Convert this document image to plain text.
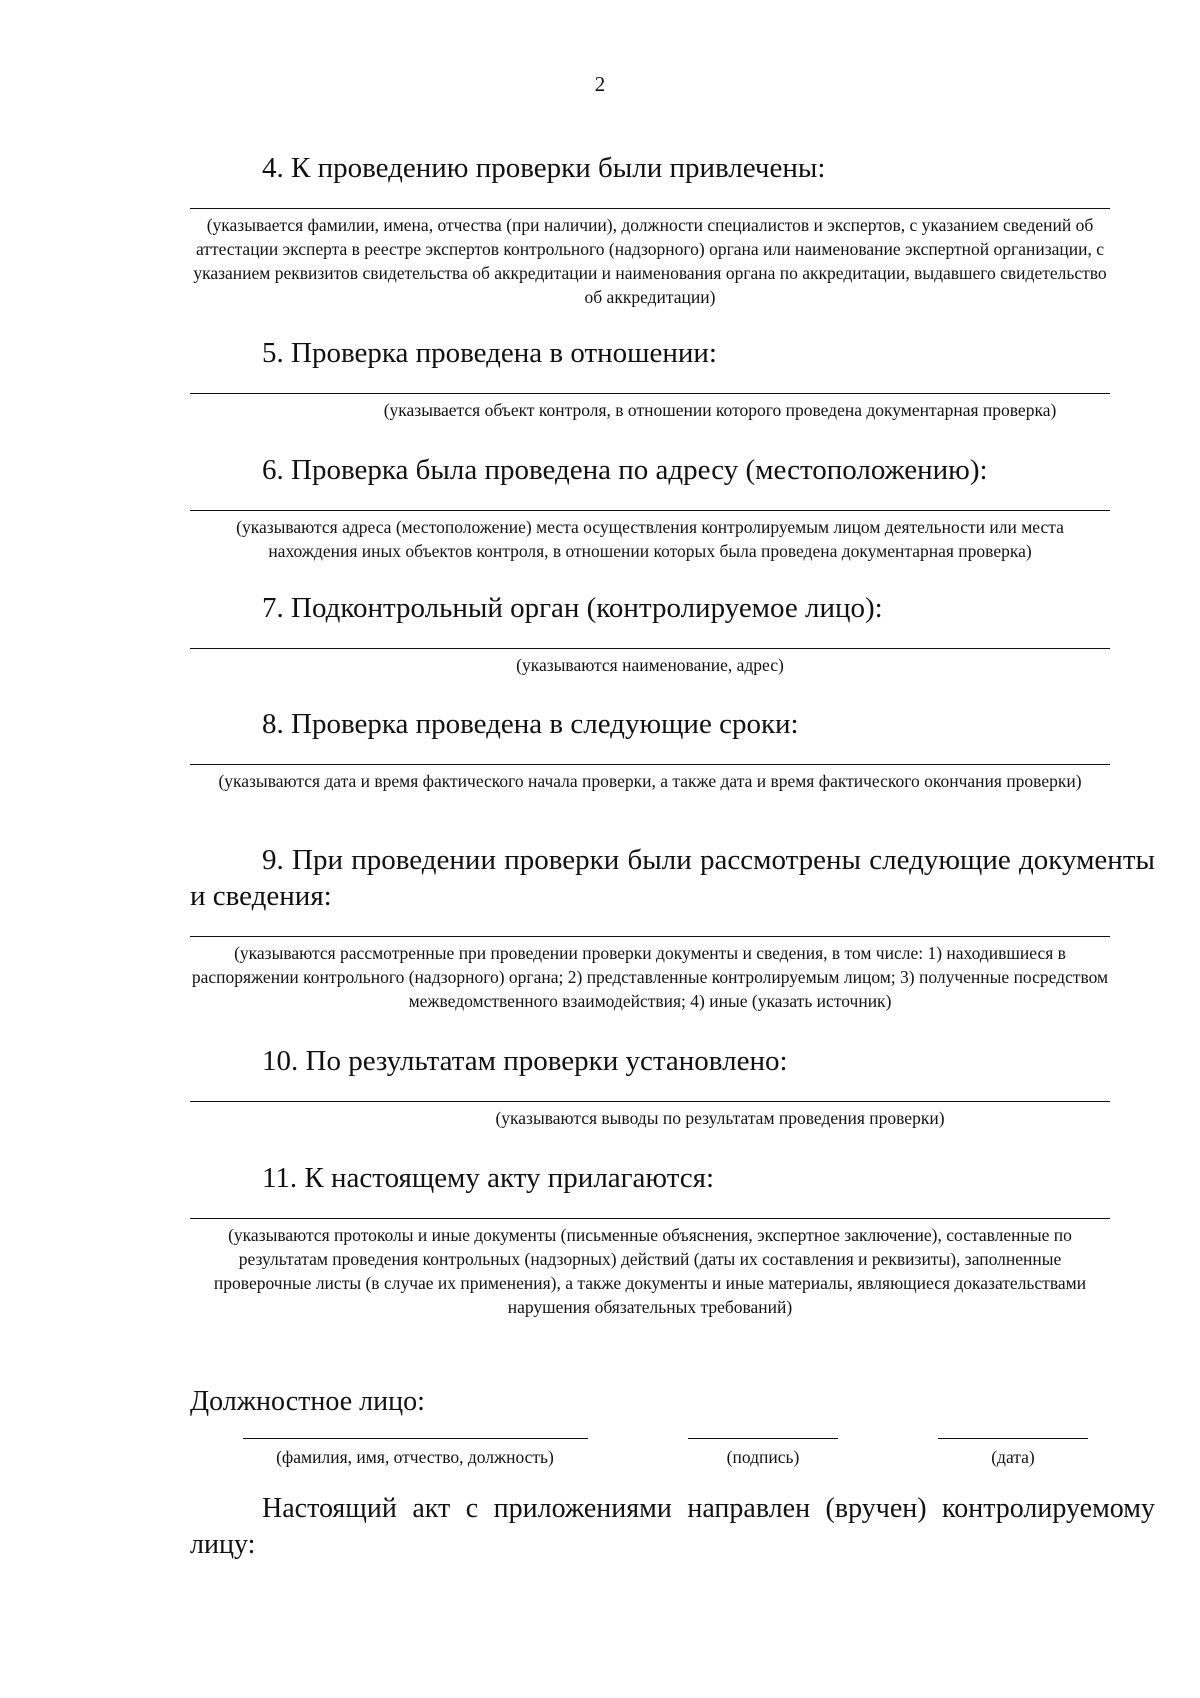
2
4. К проведению проверки были привлечены:
(указывается фамилии, имена, отчества (при наличии), должности специалистов и экспертов, с указанием сведений об аттестации эксперта в реестре экспертов контрольного (надзорного) органа или наименование экспертной организации, с указанием реквизитов свидетельства об аккредитации и наименования органа по аккредитации, выдавшего свидетельство об аккредитации)
5. Проверка проведена в отношении:
(указывается объект контроля, в отношении которого проведена документарная проверка)
6. Проверка была проведена по адресу (местоположению):
(указываются адреса (местоположение) места осуществления контролируемым лицом деятельности или места нахождения иных объектов контроля, в отношении которых была проведена документарная проверка)
7. Подконтрольный орган (контролируемое лицо):
(указываются наименование, адрес)
8. Проверка проведена в следующие сроки:
(указываются дата и время фактического начала проверки, а также дата и время фактического окончания проверки)
9. При проведении проверки были рассмотрены следующие документы и сведения:
(указываются рассмотренные при проведении проверки документы и сведения, в том числе: 1) находившиеся в распоряжении контрольного (надзорного) органа; 2) представленные контролируемым лицом; 3) полученные посредством межведомственного взаимодействия; 4) иные (указать источник)
10. По результатам проверки установлено:
(указываются выводы по результатам проведения проверки)
11. К настоящему акту прилагаются:
(указываются протоколы и иные документы (письменные объяснения, экспертное заключение), составленные по результатам проведения контрольных (надзорных) действий (даты их составления и реквизиты), заполненные проверочные листы (в случае их применения), а также документы и иные материалы, являющиеся доказательствами нарушения обязательных требований)
Должностное лицо:
(фамилия, имя, отчество, должность)	(подпись)	(дата)

Настоящий акт с приложениями направлен (вручен) контролируемому лицу:
